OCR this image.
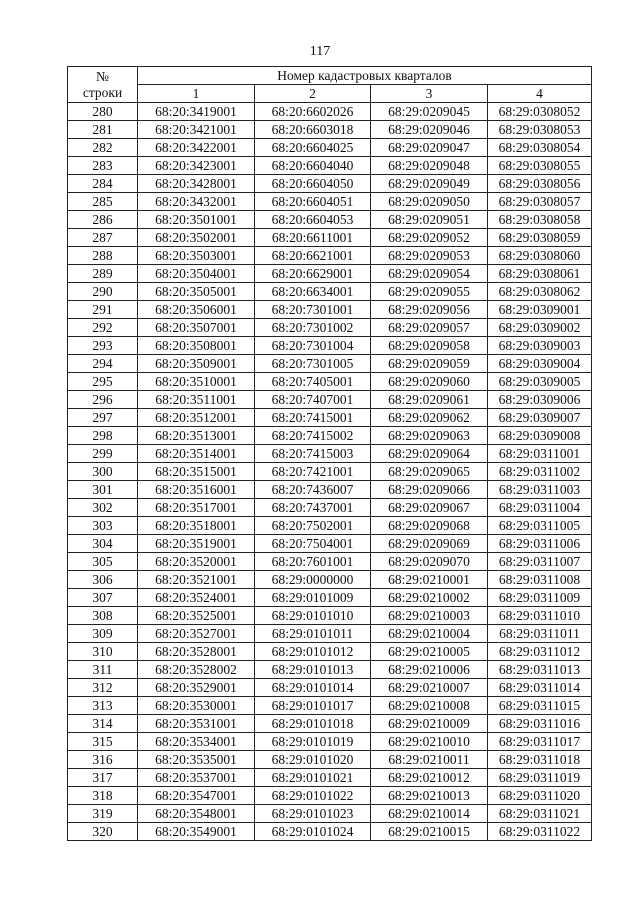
117
№
строки	Номер кадастровых кварталов			
	1	2	3	4
280	68:20:3419001	68:20:6602026	68:29:0209045	68:29:0308052
281	68:20:3421001	68:20:6603018	68:29:0209046	68:29:0308053
282	68:20:3422001	68:20:6604025	68:29:0209047	68:29:0308054
283	68:20:3423001	68:20:6604040	68:29:0209048	68:29:0308055
284	68:20:3428001	68:20:6604050	68:29:0209049	68:29:0308056
285	68:20:3432001	68:20:6604051	68:29:0209050	68:29:0308057
286	68:20:3501001	68:20:6604053	68:29:0209051	68:29:0308058
287	68:20:3502001	68:20:6611001	68:29:0209052	68:29:0308059
288	68:20:3503001	68:20:6621001	68:29:0209053	68:29:0308060
289	68:20:3504001	68:20:6629001	68:29:0209054	68:29:0308061
290	68:20:3505001	68:20:6634001	68:29:0209055	68:29:0308062
291	68:20:3506001	68:20:7301001	68:29:0209056	68:29:0309001
292	68:20:3507001	68:20:7301002	68:29:0209057	68:29:0309002
293	68:20:3508001	68:20:7301004	68:29:0209058	68:29:0309003
294	68:20:3509001	68:20:7301005	68:29:0209059	68:29:0309004
295	68:20:3510001	68:20:7405001	68:29:0209060	68:29:0309005
296	68:20:3511001	68:20:7407001	68:29:0209061	68:29:0309006
297	68:20:3512001	68:20:7415001	68:29:0209062	68:29:0309007
298	68:20:3513001	68:20:7415002	68:29:0209063	68:29:0309008
299	68:20:3514001	68:20:7415003	68:29:0209064	68:29:0311001
300	68:20:3515001	68:20:7421001	68:29:0209065	68:29:0311002
301	68:20:3516001	68:20:7436007	68:29:0209066	68:29:0311003
302	68:20:3517001	68:20:7437001	68:29:0209067	68:29:0311004
303	68:20:3518001	68:20:7502001	68:29:0209068	68:29:0311005
304	68:20:3519001	68:20:7504001	68:29:0209069	68:29:0311006
305	68:20:3520001	68:20:7601001	68:29:0209070	68:29:0311007
306	68:20:3521001	68:29:0000000	68:29:0210001	68:29:0311008
307	68:20:3524001	68:29:0101009	68:29:0210002	68:29:0311009
308	68:20:3525001	68:29:0101010	68:29:0210003	68:29:0311010
309	68:20:3527001	68:29:0101011	68:29:0210004	68:29:0311011
310	68:20:3528001	68:29:0101012	68:29:0210005	68:29:0311012
311	68:20:3528002	68:29:0101013	68:29:0210006	68:29:0311013
312	68:20:3529001	68:29:0101014	68:29:0210007	68:29:0311014
313	68:20:3530001	68:29:0101017	68:29:0210008	68:29:0311015
314	68:20:3531001	68:29:0101018	68:29:0210009	68:29:0311016
315	68:20:3534001	68:29:0101019	68:29:0210010	68:29:0311017
316	68:20:3535001	68:29:0101020	68:29:0210011	68:29:0311018
317	68:20:3537001	68:29:0101021	68:29:0210012	68:29:0311019
318	68:20:3547001	68:29:0101022	68:29:0210013	68:29:0311020
319	68:20:3548001	68:29:0101023	68:29:0210014	68:29:0311021
320	68:20:3549001	68:29:0101024	68:29:0210015	68:29:0311022
